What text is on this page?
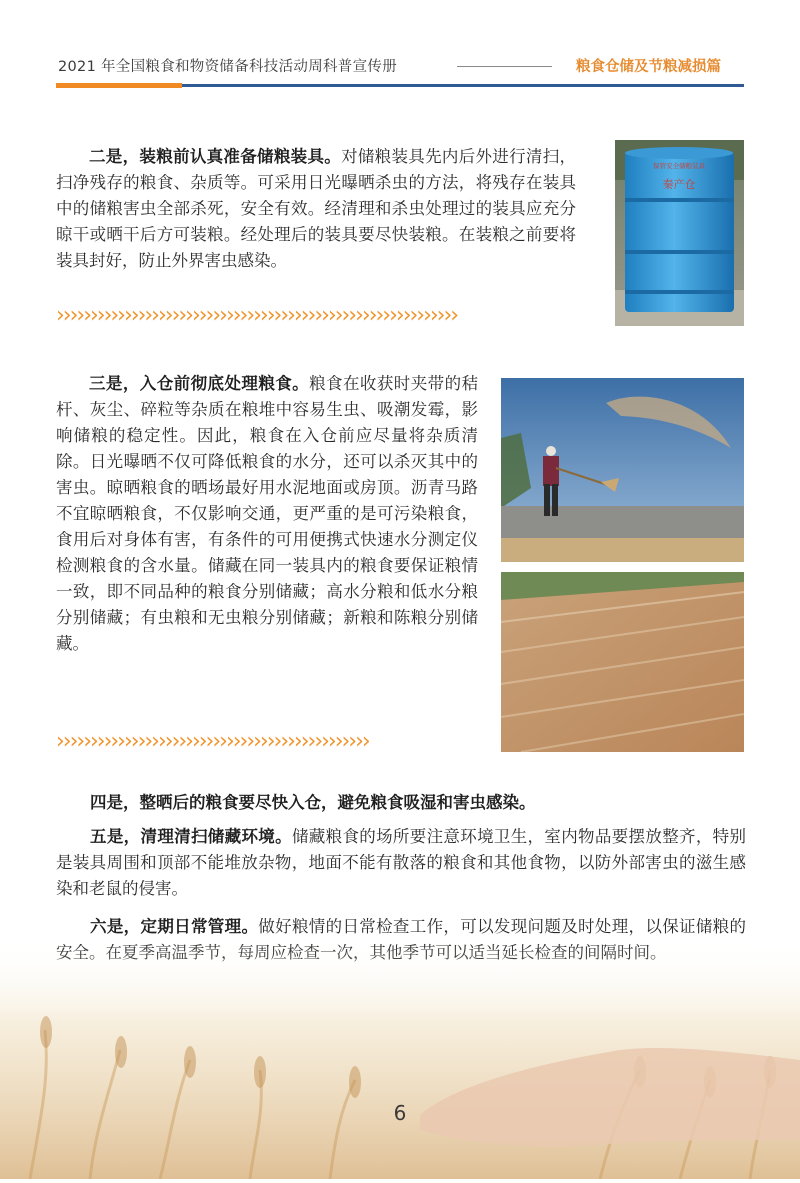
2021 年全国粮食和物资储备科技活动周科普宣传册	粮食仓储及节粮减损篇

二是，装粮前认真准备储粮装具。对储粮装具先内后外进行清扫，扫净残存的粮食、杂质等。可采用日光曝晒杀虫的方法，将残存在装具中的储粮害虫全部杀死，安全有效。经清理和杀虫处理过的装具应充分晾干或晒干后方可装粮。经处理后的装具要尽快装粮。在装粮之前要将装具封好，防止外界害虫感染。

保管安全储粮装具
秦产仓
›››››››››››››››››››››››››››››››››››››››››››››››››››››››››››

三是，入仓前彻底处理粮食。粮食在收获时夹带的秸杆、灰尘、碎粒等杂质在粮堆中容易生虫、吸潮发霉，影响储粮的稳定性。因此，粮食在入仓前应尽量将杂质清除。日光曝晒不仅可降低粮食的水分，还可以杀灭其中的害虫。晾晒粮食的晒场最好用水泥地面或房顶。沥青马路不宜晾晒粮食，不仅影响交通，更严重的是可污染粮食，食用后对身体有害，有条件的可用便携式快速水分测定仪检测粮食的含水量。储藏在同一装具内的粮食要保证粮情一致，即不同品种的粮食分别储藏；高水分粮和低水分粮分别储藏；有虫粮和无虫粮分别储藏；新粮和陈粮分别储藏。

››››››››››››››››››››››››››››››››››››››››››››››

四是，整晒后的粮食要尽快入仓，避免粮食吸湿和害虫感染。

五是，清理清扫储藏环境。储藏粮食的场所要注意环境卫生，室内物品要摆放整齐，特别是装具周围和顶部不能堆放杂物，地面不能有散落的粮食和其他食物，以防外部害虫的滋生感染和老鼠的侵害。

六是，定期日常管理。做好粮情的日常检查工作，可以发现问题及时处理，以保证储粮的

6
